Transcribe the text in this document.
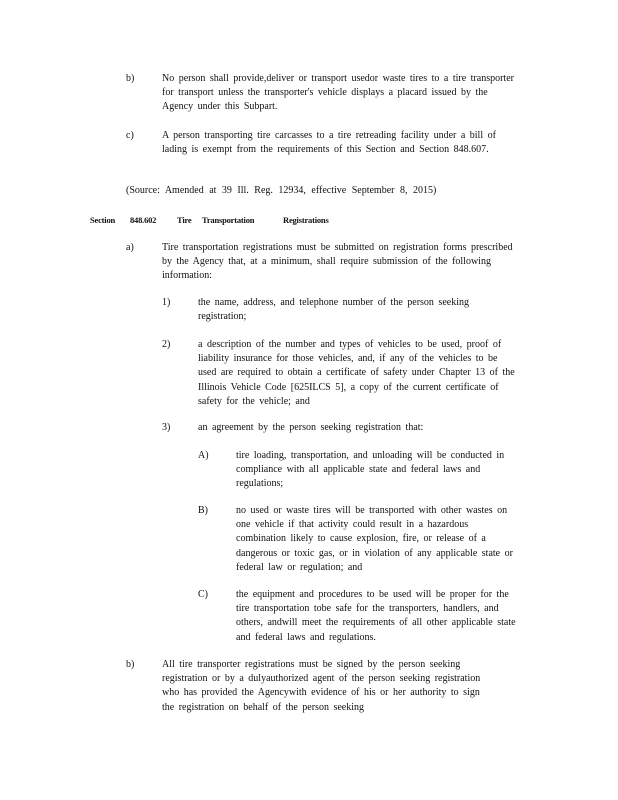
b)	No person shall provide,deliver or transport usedor waste tires to a tire transporter for transport unless the transporter's vehicle displays a placard issued by the Agency under this Subpart.
c)	A person transporting tire carcasses to a tire retreading facility under a bill of lading is exempt from the requirements of this Section and Section 848.607.
(Source: Amended at 39 Ill. Reg. 12934, effective September 8, 2015)
Section 848.602 Tire Transportation	Registrations
a)	Tire transportation registrations must be submitted on registration forms prescribed by the Agency that, at a minimum, shall require submission of the following information:
1)	the name, address, and telephone number of the person seeking registration;
2)	a description of the number and types of vehicles to be used, proof of liability insurance for those vehicles, and, if any of the vehicles to be used are required to obtain a certificate of safety under Chapter 13 of the Illinois Vehicle Code [625ILCS 5], a copy of the current certificate of safety for the vehicle; and
3)	an agreement by the person seeking registration that:
A)	tire loading, transportation, and unloading will be conducted in compliance with all applicable state and federal laws and regulations;
B)	no used or waste tires will be transported with other wastes on one vehicle if that activity could result in a hazardous combination likely to cause explosion, fire, or release of a dangerous or toxic gas, or in violation of any applicable state or federal law or regulation; and
C)	the equipment and procedures to be used will be proper for the tire transportation tobe safe for the transporters, handlers, and others, andwill meet the requirements of all other applicable state and federal laws and regulations.
b)	All tire transporter registrations must be signed by the person seeking registration or by a dulyauthorized agent of the person seeking registration who has provided the Agencywith evidence of his or her authority to sign the registration on behalf of the person seeking
